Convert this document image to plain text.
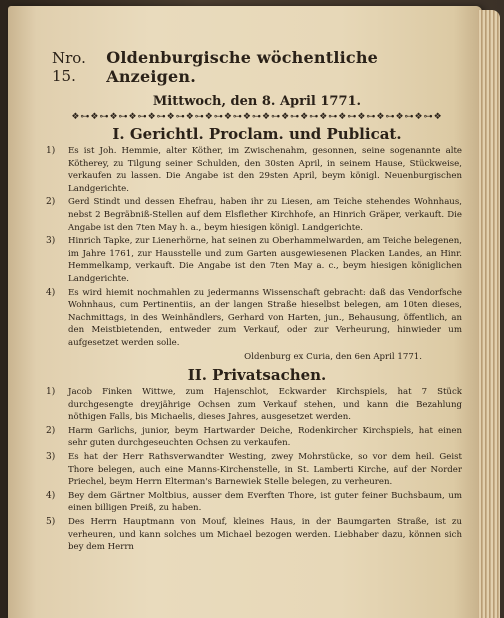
Nro. 15.
Oldenburgische wöchentliche Anzeigen.
Mittwoch, den 8. April 1771.
❖⊶❖⊶❖⊶❖⊶❖⊶❖⊶❖⊶❖⊶❖⊶❖⊶❖⊶❖⊶❖⊶❖⊶❖⊶❖⊶❖⊶❖⊶❖⊶❖
I. Gerichtl. Proclam. und Publicat.
1)	Es ist Joh. Hemmie, alter Köther, im Zwischenahm, gesonnen, seine sogenannte alte Kötherey, zu Tilgung seiner Schulden, den 30sten April, in seinem Hause, Stückweise, verkaufen zu lassen. Die Angabe ist den 29sten April, beym königl. Neuenburgischen Landgerichte.
2)	Gerd Stindt und dessen Ehefrau, haben ihr zu Liesen, am Teiche stehendes Wohnhaus, nebst 2 Begräbniß-Stellen auf dem Elsflether Kirchhofe, an Hinrich Gräper, verkauft. Die Angabe ist den 7ten May h. a., beym hiesigen königl. Landgerichte.
3)	Hinrich Tapke, zur Lienerhörne, hat seinen zu Oberhammelwarden, am Teiche belegenen, im Jahre 1761, zur Hausstelle und zum Garten ausgewiesenen Placken Landes, an Hinr. Hemmelkamp, verkauft. Die Angabe ist den 7ten May a. c., beym hiesigen königlichen Landgerichte.
4)	Es wird hiemit nochmahlen zu jedermanns Wissenschaft gebracht: daß das Vendorfsche Wohnhaus, cum Pertinentiis, an der langen Straße hieselbst belegen, am 10ten dieses, Nachmittags, in des Weinhändlers, Gerhard von Harten, jun., Behausung, öffentlich, an den Meistbietenden, entweder zum Verkauf, oder zur Verheurung, hinwieder um aufgesetzet werden solle.
Oldenburg ex Curia, den 6en April 1771.
II. Privatsachen.
1)	Jacob Finken Wittwe, zum Hajenschlot, Eckwarder Kirchspiels, hat 7 Stück durchgesengte dreyjährige Ochsen zum Verkauf stehen, und kann die Bezahlung nöthigen Falls, bis Michaelis, dieses Jahres, ausgesetzet werden.
2)	Harm Garlichs, junior, beym Hartwarder Deiche, Rodenkircher Kirchspiels, hat einen sehr guten durchgeseuchten Ochsen zu verkaufen.
3)	Es hat der Herr Rathsverwandter Westing, zwey Mohrstücke, so vor dem heil. Geist Thore belegen, auch eine Manns-Kirchenstelle, in St. Lamberti Kirche, auf der Norder Priechel, beym Herrn Elterman's Barnewiek Stelle belegen, zu verheuren.
4)	Bey dem Gärtner Moltbius, ausser dem Everften Thore, ist guter feiner Buchsbaum, um einen billigen Preiß, zu haben.
5)	Des Herrn Hauptmann von Mouf, kleines Haus, in der Baumgarten Straße, ist zu verheuren, und kann solches um Michael bezogen werden. Liebhaber dazu, können sich bey dem Herrn
